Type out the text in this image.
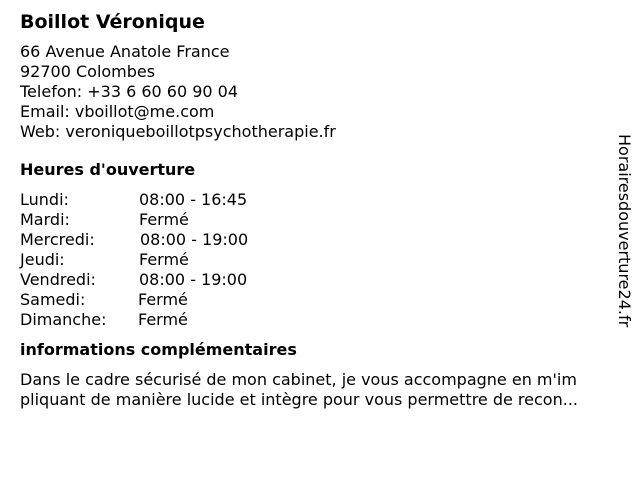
Boillot Véronique
66 Avenue Anatole France
92700 Colombes
Telefon: +33 6 60 60 90 04
Email: vboillot@me.com
Web: veroniqueboillotpsychotherapie.fr
Heures d'ouverture
Lundi:	08:00 - 16:45
Mardi:	Fermé
Mercredi:	08:00 - 19:00
Jeudi:	Fermé
Vendredi:	08:00 - 19:00
Samedi:	Fermé
Dimanche: Fermé
informations complémentaires
Dans le cadre sécurisé de mon cabinet, je vous accompagne en m'im
pliquant de manière lucide et intègre pour vous permettre de recon...
Horairesdouverture24.fr
